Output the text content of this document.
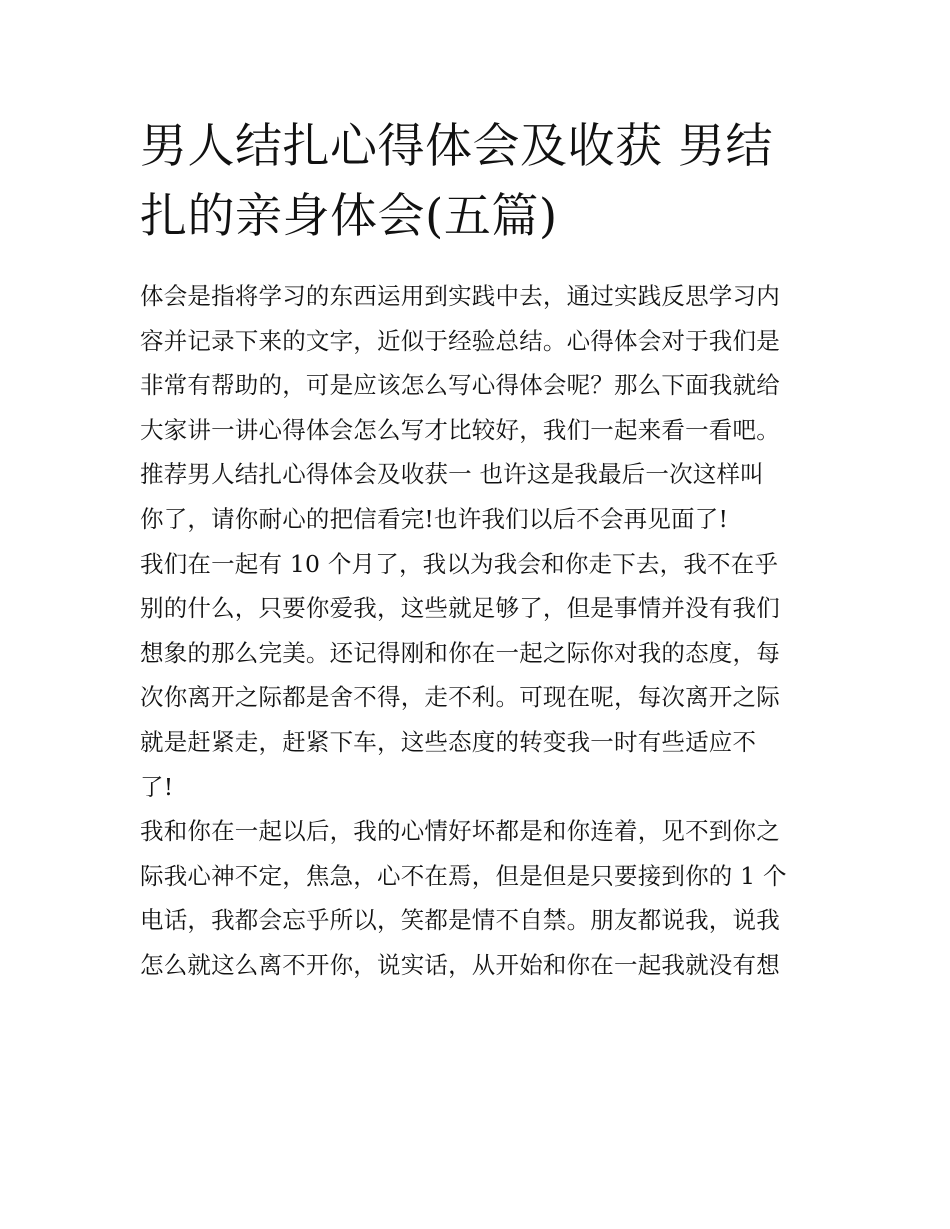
男人结扎心得体会及收获 男结
扎的亲身体会(五篇)
体会是指将学习的东西运用到实践中去，通过实践反思学习内
容并记录下来的文字，近似于经验总结。心得体会对于我们是
非常有帮助的，可是应该怎么写心得体会呢？那么下面我就给
大家讲一讲心得体会怎么写才比较好，我们一起来看一看吧。
推荐男人结扎心得体会及收获一 也许这是我最后一次这样叫
你了，请你耐心的把信看完!也许我们以后不会再见面了!
我们在一起有 10 个月了，我以为我会和你走下去，我不在乎
别的什么，只要你爱我，这些就足够了，但是事情并没有我们
想象的那么完美。还记得刚和你在一起之际你对我的态度，每
次你离开之际都是舍不得，走不利。可现在呢，每次离开之际
就是赶紧走，赶紧下车，这些态度的转变我一时有些适应不
了!
我和你在一起以后，我的心情好坏都是和你连着，见不到你之
际我心神不定，焦急，心不在焉，但是但是只要接到你的 1 个
电话，我都会忘乎所以，笑都是情不自禁。朋友都说我，说我
怎么就这么离不开你，说实话，从开始和你在一起我就没有想
